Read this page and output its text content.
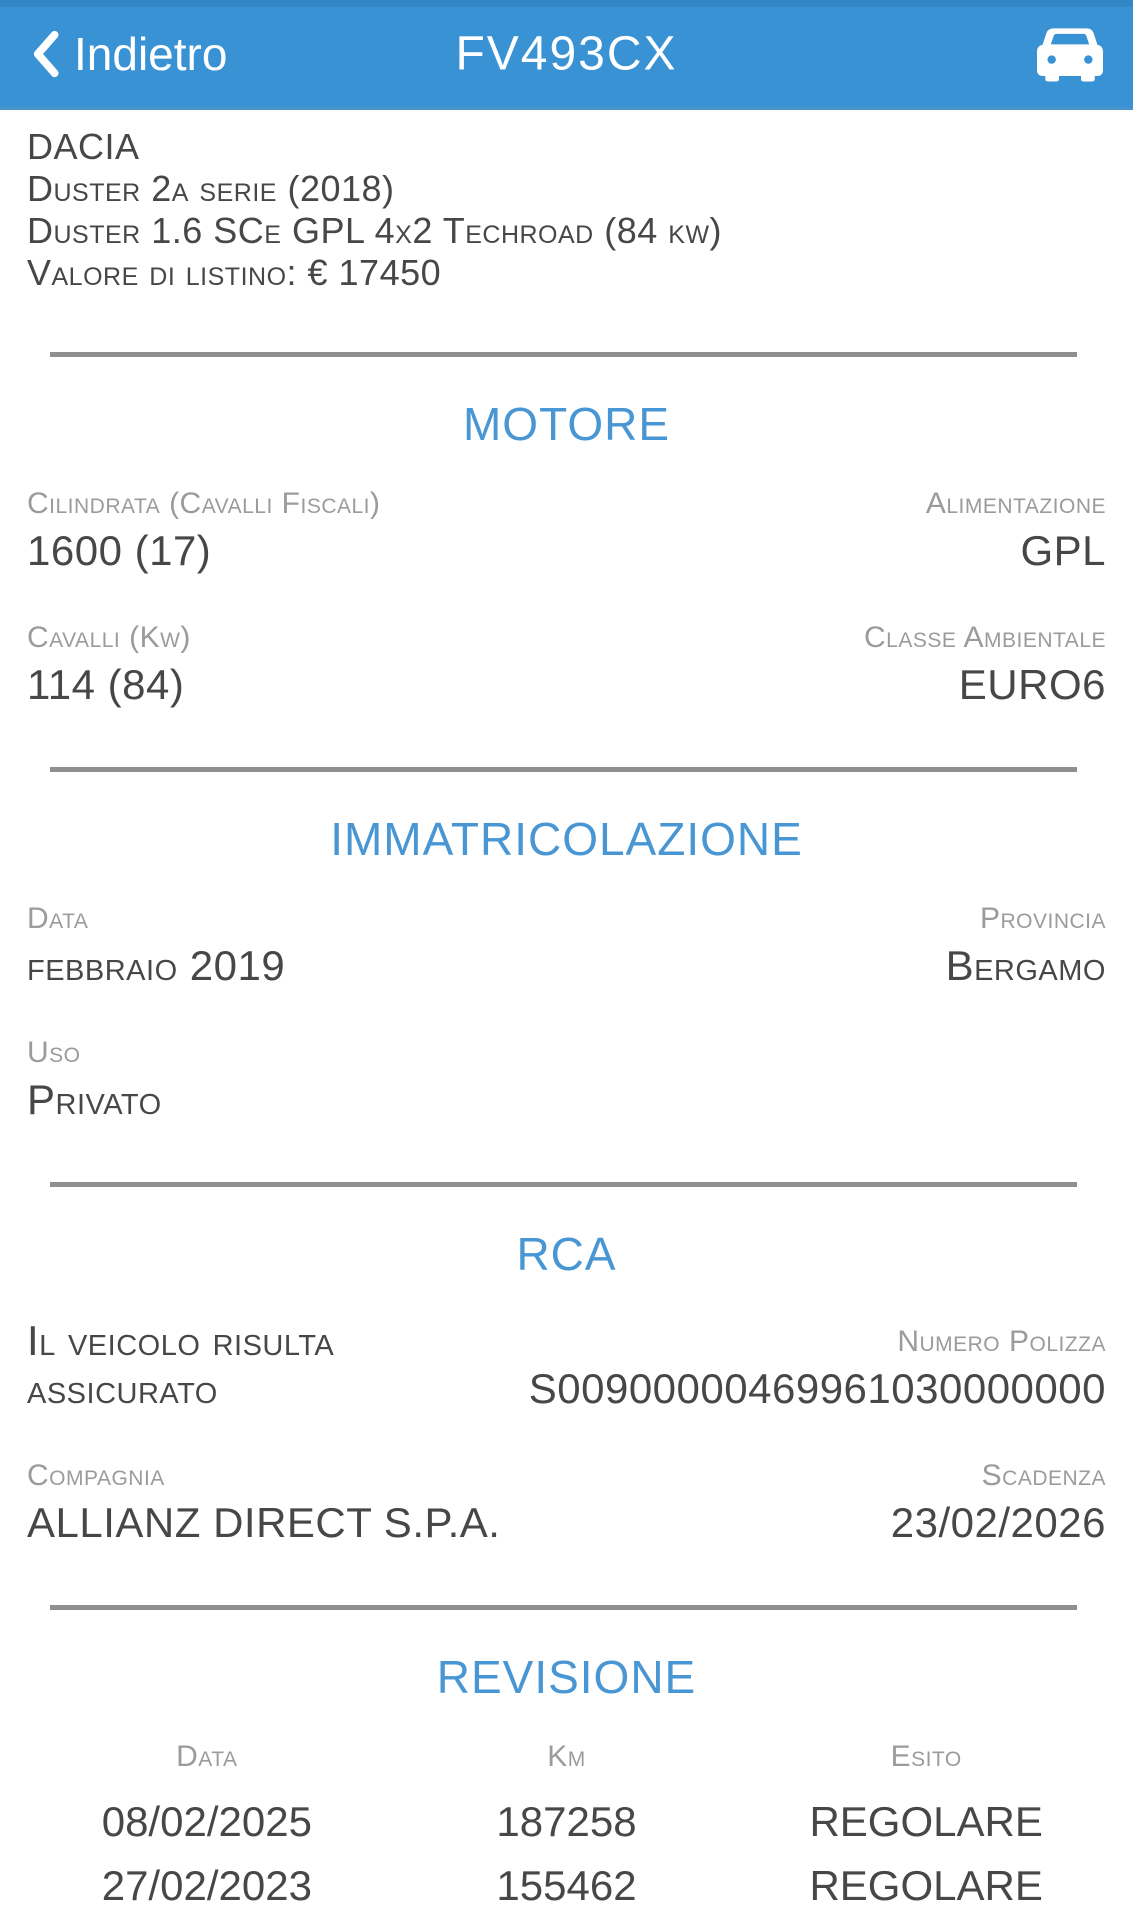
Indietro	FV493CX

DACIA

Duster 2a serie (2018)

Duster 1.6 SCe GPL 4x2 Techroad (84 kw)

Valore di listino: € 17450

MOTORE
Cilindrata (Cavalli Fiscali)
1600 (17)
Alimentazione
GPL
Cavalli (Kw)
114 (84)
Classe Ambientale
EURO6
IMMATRICOLAZIONE
Data
febbraio 2019
Provincia
Bergamo
Uso
Privato
RCA
Il veicolo risulta assicurato
Numero Polizza
S00900000469961030000000
Compagnia
ALLIANZ DIRECT S.P.A.
Scadenza
23/02/2026
REVISIONE
Data	Km	Esito
08/02/2025	187258	REGOLARE
27/02/2023	155462	REGOLARE
